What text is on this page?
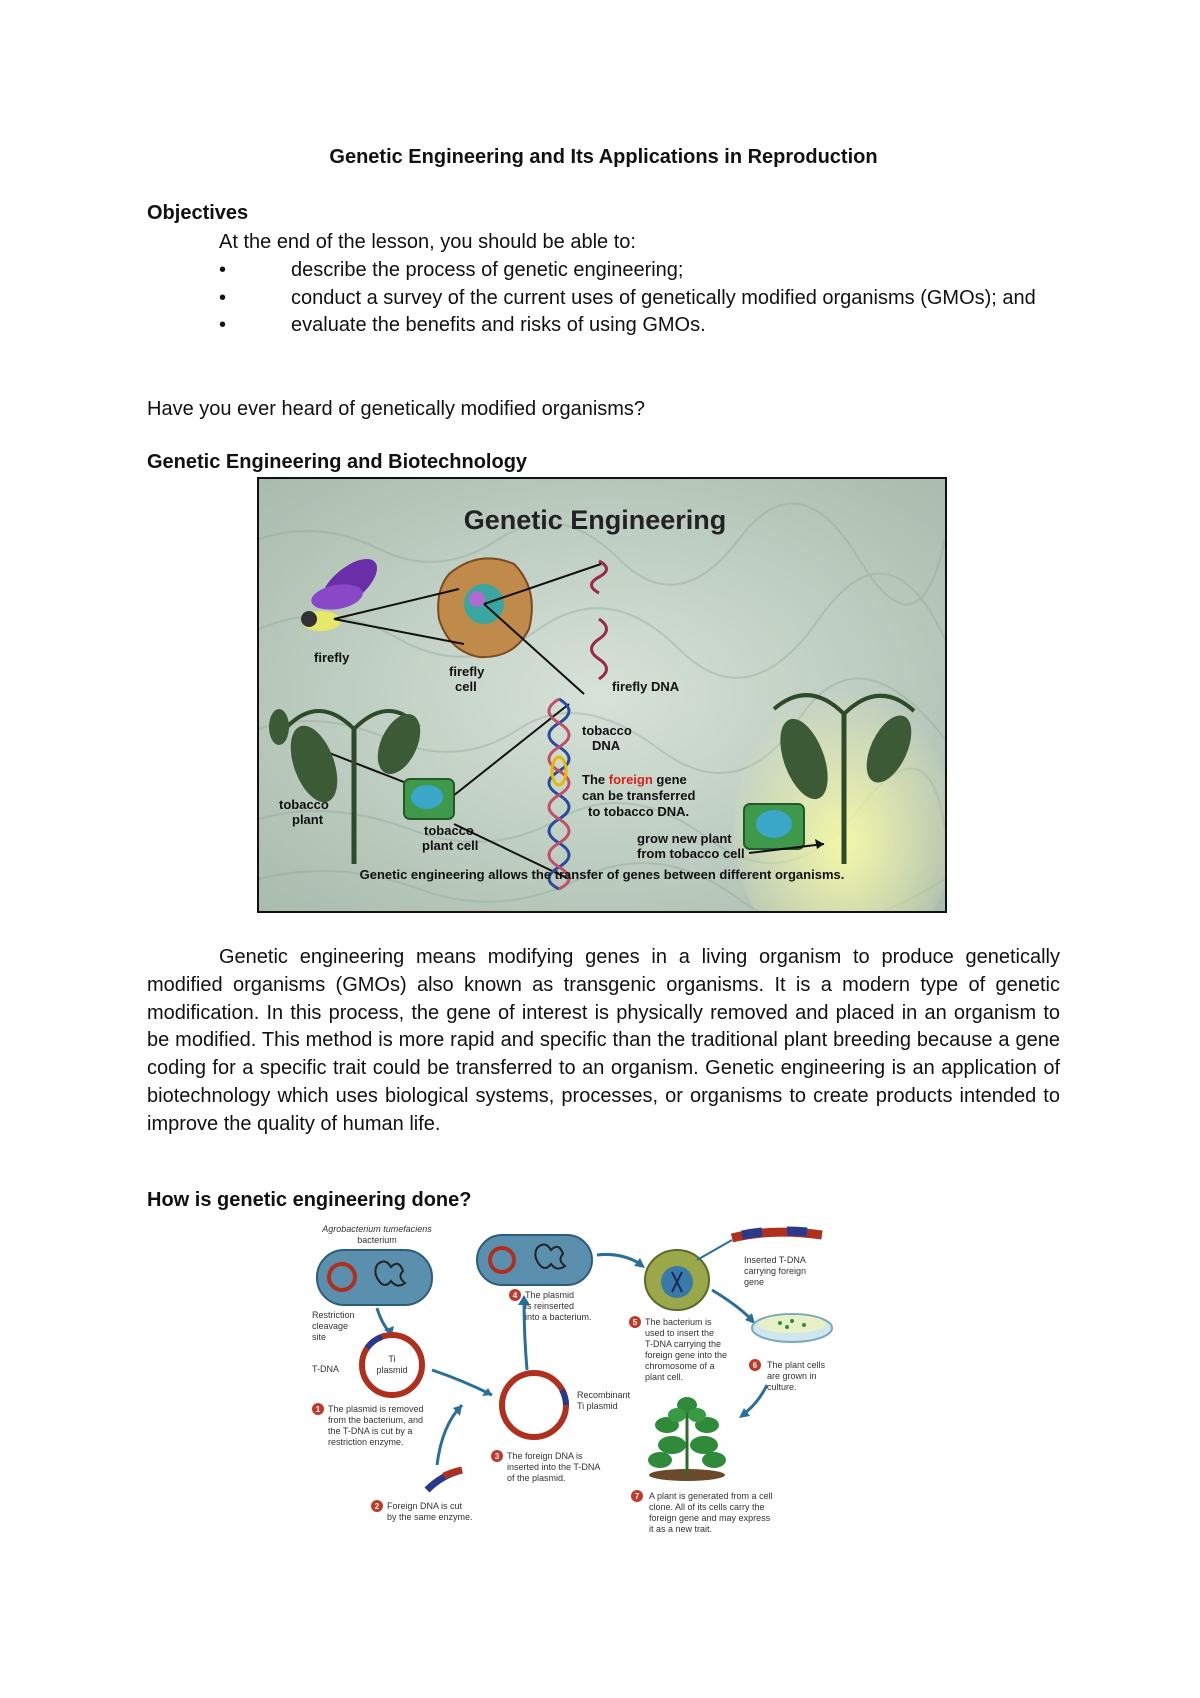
Genetic Engineering and Its Applications in Reproduction
Objectives
At the end of the lesson, you should be able to:
•	describe the process of genetic engineering;
•	conduct a survey of the current uses of genetically modified organisms (GMOs); and
•	evaluate the benefits and risks of using GMOs.
Have you ever heard of genetically modified organisms?
Genetic Engineering and Biotechnology
Genetic Engineering
firefly
firefly
cell	firefly DNA
tobacco
DNA
The foreign gene
can be transferred
to tobacco DNA.
tobacco
plant
tobacco
plant cell	grow new plant
from tobacco cell
Genetic engineering allows the transfer of genes between different organisms.
Genetic engineering means modifying genes in a living organism to produce genetically modified organisms (GMOs) also known as transgenic organisms. It is a modern type of genetic modification. In this process, the gene of interest is physically removed and placed in an organism to be modified. This method is more rapid and specific than the traditional plant breeding because a gene coding for a specific trait could be transferred to an organism. Genetic engineering is an application of biotechnology which uses biological systems, processes, or organisms to create products intended to improve the quality of human life.
How is genetic engineering done?
Agrobacterium tumefaciens
bacterium
Restriction
cleavage
site
T-DNA
Ti
plasmid
1 The plasmid is removed
from the bacterium, and
the T-DNA is cut by a
restriction enzyme.
2 Foreign DNA is cut
by the same enzyme.
Recombinant
Ti plasmid
3 The foreign DNA is
inserted into the T-DNA
of the plasmid.
4 The plasmid
is reinserted
into a bacterium.
Inserted T-DNA
carrying foreign
gene
5 The bacterium is
used to insert the
T-DNA carrying the
foreign gene into the
chromosome of a
plant cell.
6 The plant cells
are grown in
culture.
7 A plant is generated from a cell
clone. All of its cells carry the
foreign gene and may express
it as a new trait.
